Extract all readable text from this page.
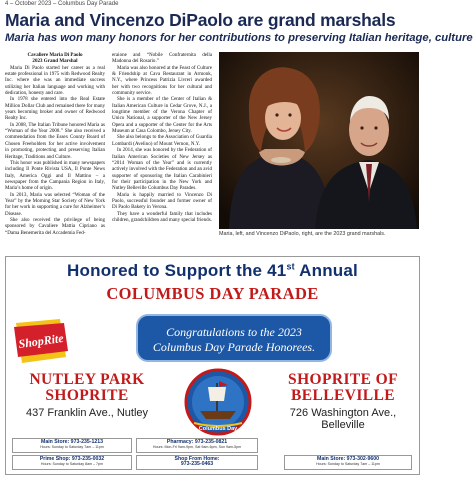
4 – October 2023 – Columbus Day Parade
Maria and Vincenzo DiPaolo are grand marshals
Maria has won many honors for her contributions to preserving Italian heritage, culture

Cavaliere Maria Di Paolo

2023 Grand Marshal

Maria Di Paolo started her career as a real estate professional in 1975 with Redwood Realty Inc. where she was an immediate success utilizing her Italian language and working with dedication, honesty and care.

In 1978 she entered into the Real Estate Million Dollar Club and remained there for many years becoming broker and owner of Redwood Realty Inc.

In 2008, The Italian Tribune honored Maria as “Woman of the Year 2008.” She also received a commendation from the Essex County Board of Chosen Freeholders for her active involvement in promoting, protecting and preserving Italian Heritage, Traditions and Culture.

This honor was published in many newspapers including Il Ponte Rivista USA, Il Ponte News Italy, America Oggi and Il Mattino – a newspaper from the Campania Region in Italy, Maria’s home of origin.

In 2013, Maria was selected “Woman of the Year” by the Morning Star Society of New York for her work in supporting a cure for Alzheimer’s Disease.

She also received the privilege of being sponsored by Cavaliere Mattia Cipriano as “Dama Benemerita del Accademia Fed-

eraione and “Nobile Confraternita della Madonna del Rosario.”

Maria was also honored at the Feast of Culture & Friendship at Cava Restaurant in Armonk, N.Y., where Princess Patrizia Livreri awarded her with two recognitions for her cultural and community service.

She is a member of the Center of Italian & Italian American Culture in Cedar Grove, N.J., a longtime member of the Verona Chapter of Unico National, a supporter of the New Jersey Opera and a supporter of the Center for the Arts Museum at Casa Colombo, Jersey City.

She also belongs to the Association of Guardia Lombardi (Avelino) of Mount Vernon, N.Y.

In 2014, she was honored by the Federation of Italian American Societies of New Jersey as “2014 Woman of the Year” and is currently actively involved with the Federation and an avid supporter of sponsoring the Italian Carabinieri for their participation in the New York and Nutley Belleville Columbus Day Parades.

Maria is happily married to Vincenzo Di Paolo, successful founder and former owner of Di Paolo Bakery in Verona.

They have a wonderful family that includes children, grandchildren and many special friends.

Maria, left, and Vincenzo DiPaolo, right, are the 2023 grand marshals.
Honored to Support the 41st Annual
COLUMBUS DAY PARADE
ShopRite	Congratulations to the 2023
Columbus Day Parade Honorees.
NUTLEY PARK
SHOPRITE
437 Franklin Ave., Nutley
Columbus Day
SHOPRITE OF
BELLEVILLE
726 Washington Ave.,
Belleville
Main Store: 973-235-1213
Hours: Sunday to Saturday 7am – 11pm
Prime Shop: 973-235-0032
Hours: Sunday to Saturday 8am – 7pm
Pharmacy: 973-235-0821
Hours: Mon-Fri 9am-9pm, Sat 9am-6pm, Sun 9am-5pm
Shop From Home:
973-235-0463
Main Store: 973-302-9600
Hours: Sunday to Saturday 7am – 11pm
